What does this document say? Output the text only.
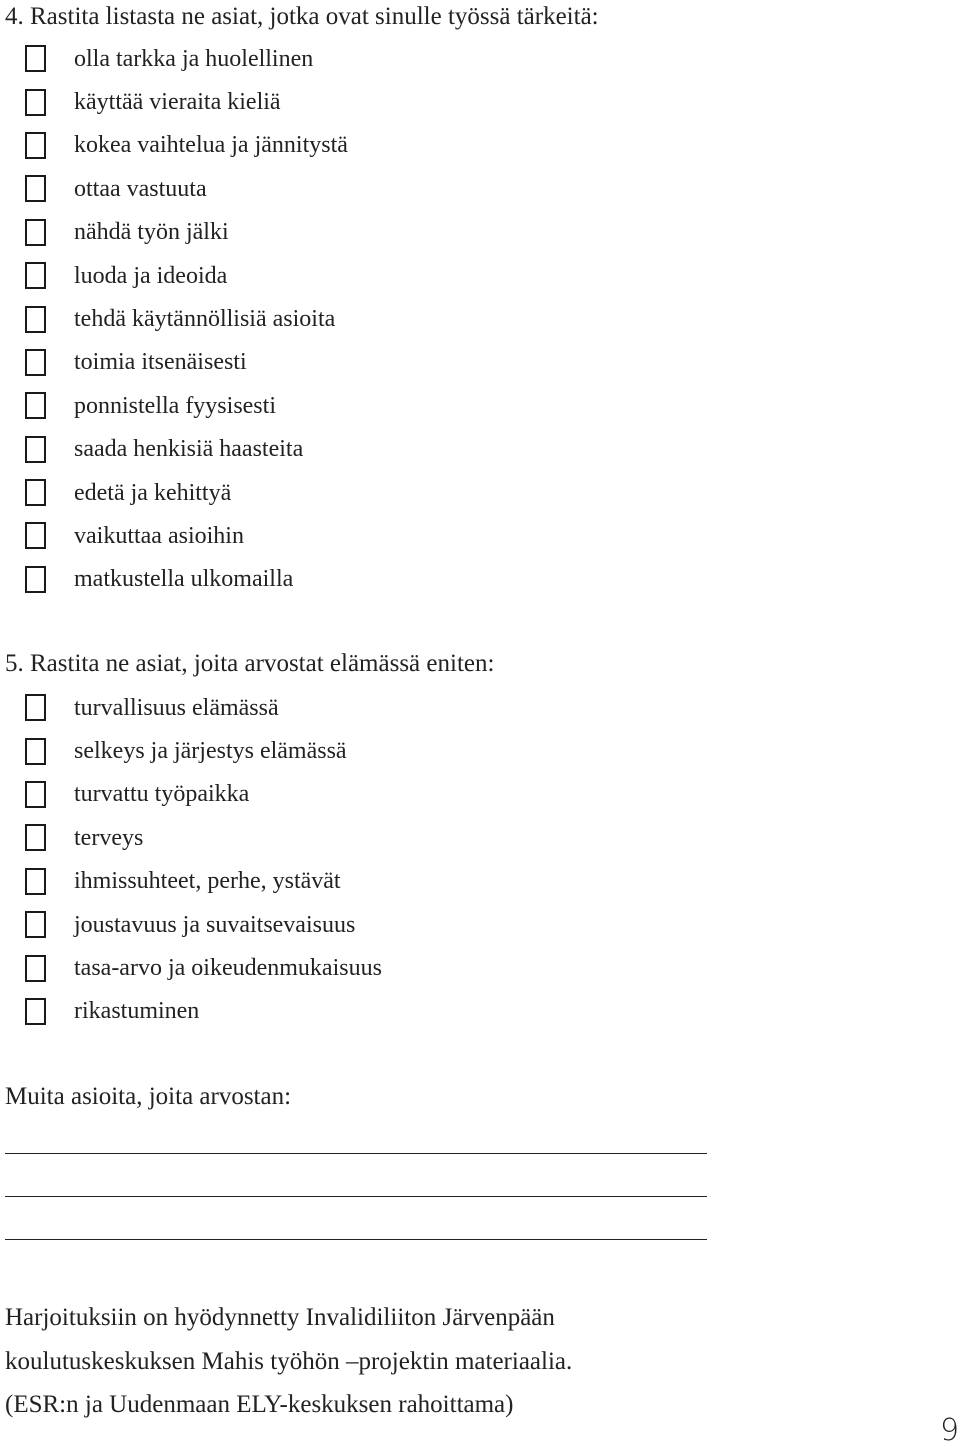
4. Rastita listasta ne asiat, jotka ovat sinulle työssä tärkeitä:
olla tarkka ja huolellinen
käyttää vieraita kieliä
kokea vaihtelua ja jännitystä
ottaa vastuuta
nähdä työn jälki
luoda ja ideoida
tehdä käytännöllisiä asioita
toimia itsenäisesti
ponnistella fyysisesti
saada henkisiä haasteita
edetä ja kehittyä
vaikuttaa asioihin
matkustella ulkomailla
5. Rastita ne asiat, joita arvostat elämässä eniten:
turvallisuus elämässä
selkeys ja järjestys elämässä
turvattu työpaikka
terveys
ihmissuhteet, perhe, ystävät
joustavuus ja suvaitsevaisuus
tasa-arvo ja oikeudenmukaisuus
rikastuminen
Muita asioita, joita arvostan:
Harjoituksiin on hyödynnetty Invalidiliiton Järvenpään
koulutuskeskuksen Mahis työhön –projektin materiaalia.
(ESR:n ja Uudenmaan ELY-keskuksen rahoittama)
9
